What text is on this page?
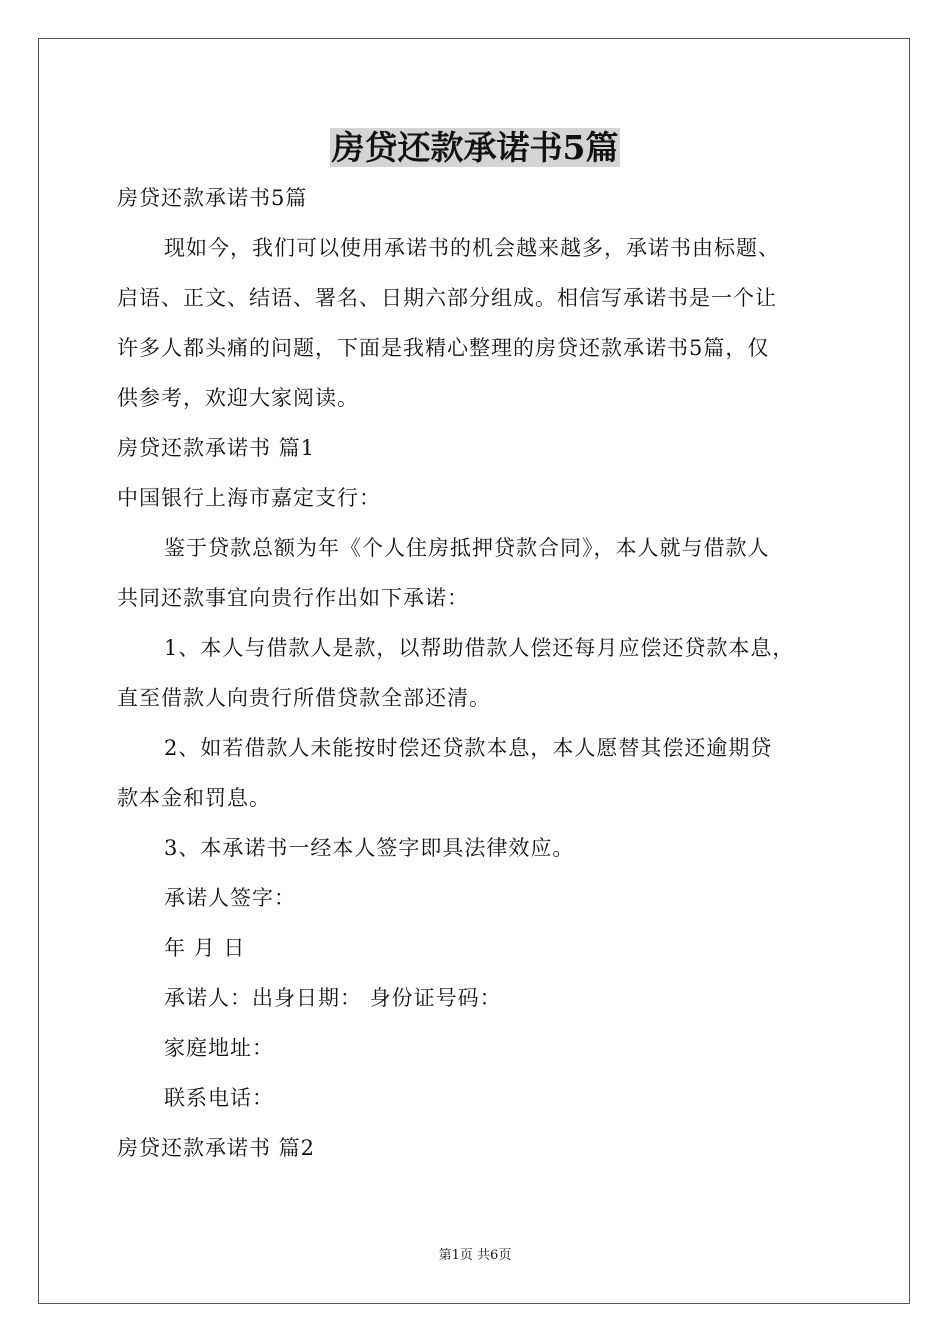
房贷还款承诺书5篇
房贷还款承诺书5篇
现如今，我们可以使用承诺书的机会越来越多，承诺书由标题、
启语、正文、结语、署名、日期六部分组成。相信写承诺书是一个让
许多人都头痛的问题，下面是我精心整理的房贷还款承诺书5篇，仅
供参考，欢迎大家阅读。
房贷还款承诺书 篇1
中国银行上海市嘉定支行：
鉴于贷款总额为年《个人住房抵押贷款合同》，本人就与借款人
共同还款事宜向贵行作出如下承诺：
1、本人与借款人是款，以帮助借款人偿还每月应偿还贷款本息，
直至借款人向贵行所借贷款全部还清。
2、如若借款人未能按时偿还贷款本息，本人愿替其偿还逾期贷
款本金和罚息。
3、本承诺书一经本人签字即具法律效应。
承诺人签字：
年 月 日
承诺人：出身日期： 身份证号码：
家庭地址：
联系电话：
房贷还款承诺书 篇2
第1页 共6页
